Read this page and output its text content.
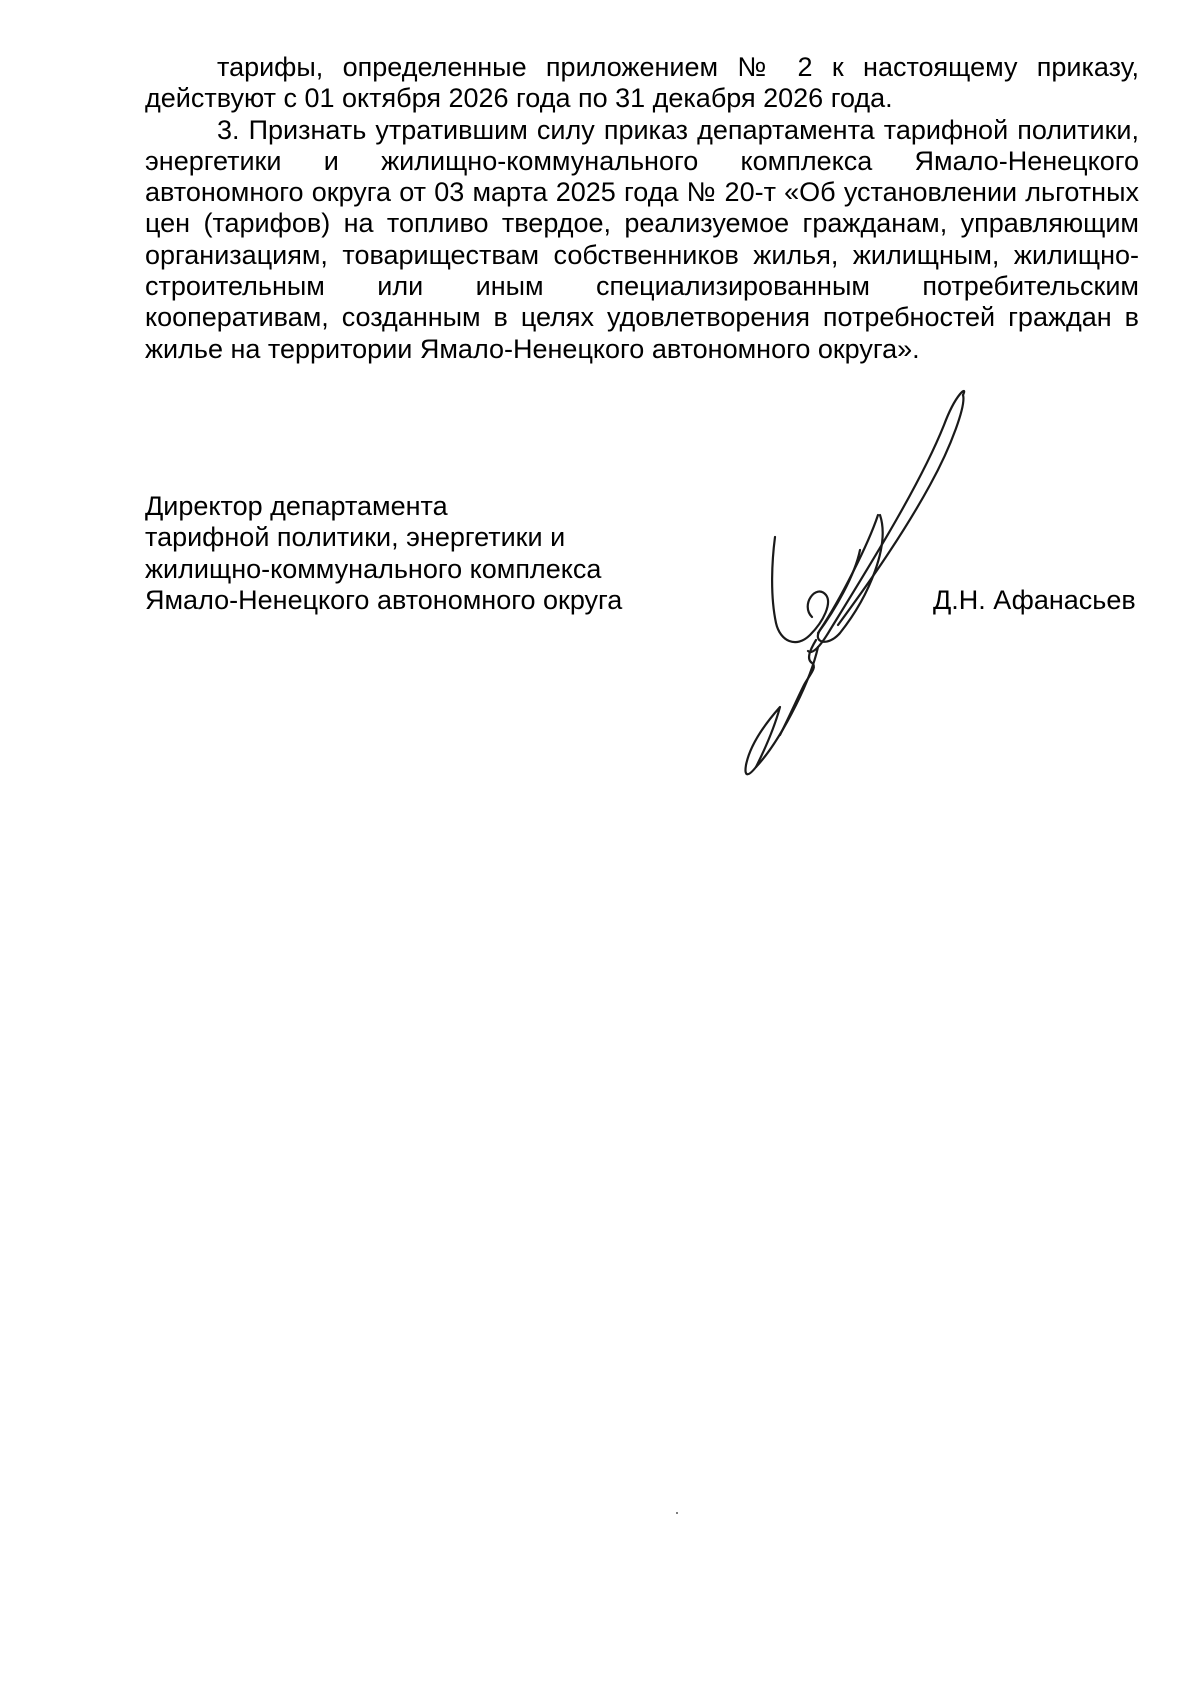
тарифы, определенные приложением № 2 к настоящему приказу, действуют с 01 октября 2026 года по 31 декабря 2026 года.

3. Признать утратившим силу приказ департамента тарифной политики, энергетики и жилищно-коммунального комплекса Ямало-Ненецкого автономного округа от 03 марта 2025 года № 20-т «Об установлении льготных цен (тарифов) на топливо твердое, реализуемое гражданам, управляющим организациям, товариществам собственников жилья, жилищным, жилищно-строительным или иным специализированным потребительским кооперативам, созданным в целях удовлетворения потребностей граждан в жилье на территории Ямало-Ненецкого автономного округа».

Директор департамента
тарифной политики, энергетики и
жилищно-коммунального комплекса
Ямало-Ненецкого автономного округа	Д.Н. Афанасьев
